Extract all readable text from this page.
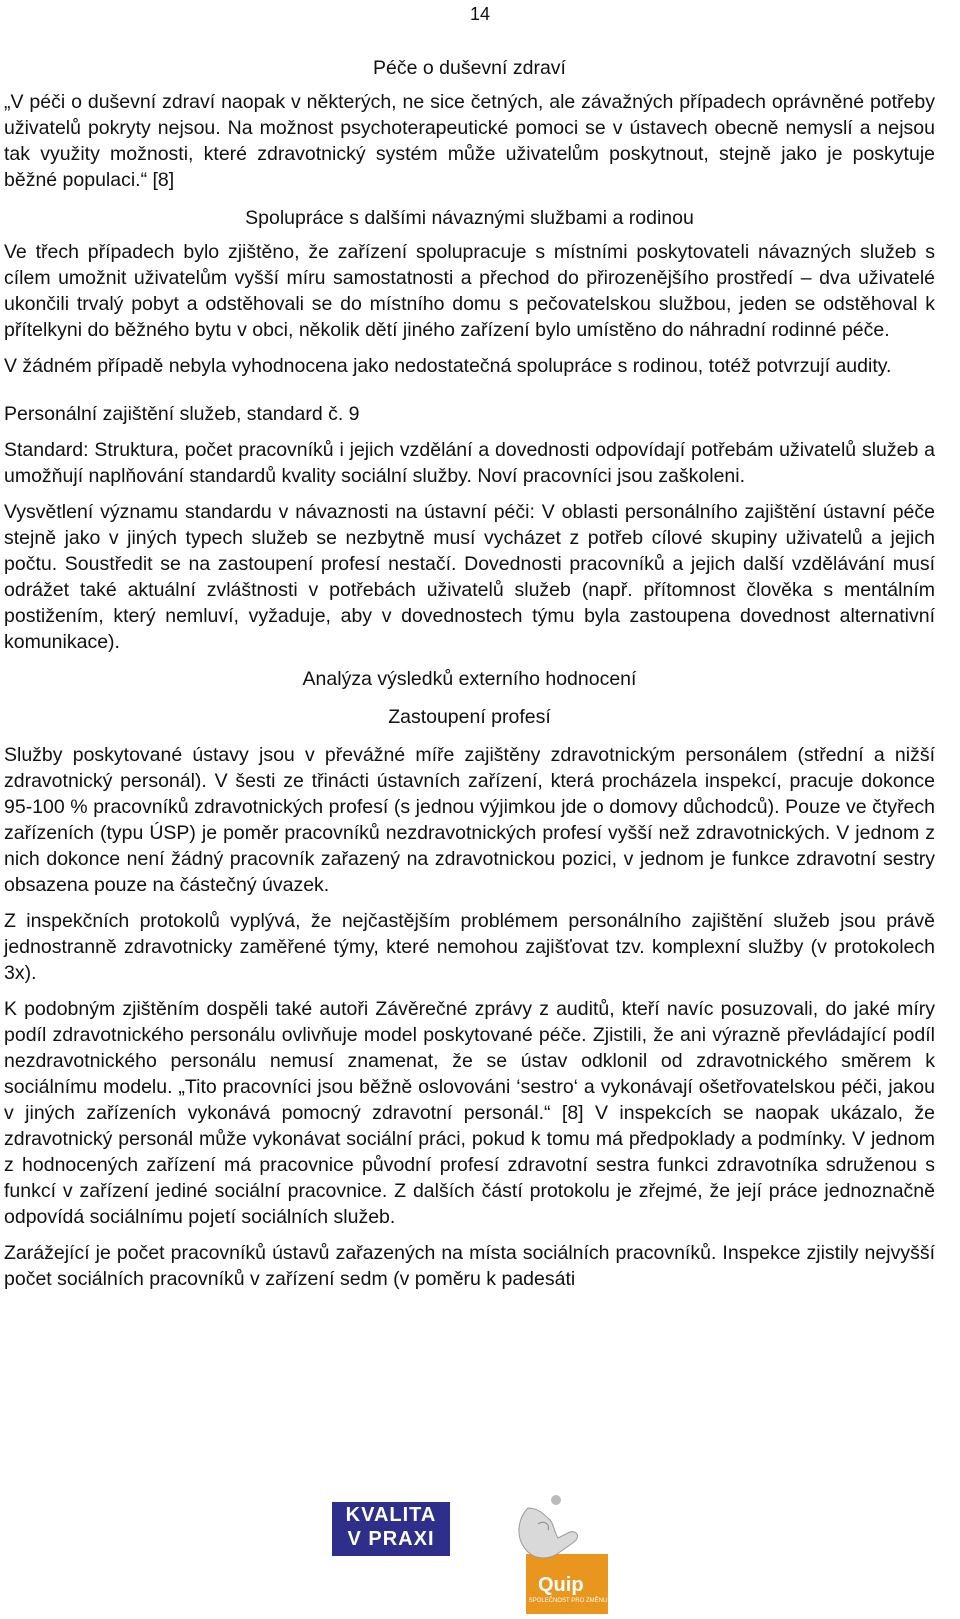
14

Péče o duševní zdraví

„V péči o duševní zdraví naopak v některých, ne sice četných, ale závažných případech oprávněné potřeby uživatelů pokryty nejsou. Na možnost psychoterapeutické pomoci se v ústavech obecně nemyslí a nejsou tak využity možnosti, které zdravotnický systém může uživatelům poskytnout, stejně jako je poskytuje běžné populaci.“ [8]

Spolupráce s dalšími návaznými službami a rodinou

Ve třech případech bylo zjištěno, že zařízení spolupracuje s místními poskytovateli návazných služeb s cílem umožnit uživatelům vyšší míru samostatnosti a přechod do přirozenějšího prostředí – dva uživatelé ukončili trvalý pobyt a odstěhovali se do místního domu s pečovatelskou službou, jeden se odstěhoval k přítelkyni do běžného bytu v obci, několik dětí jiného zařízení bylo umístěno do náhradní rodinné péče.

V žádném případě nebyla vyhodnocena jako nedostatečná spolupráce s rodinou, totéž potvrzují audity.

Personální zajištění služeb, standard č. 9

Standard: Struktura, počet pracovníků i jejich vzdělání a dovednosti odpovídají potřebám uživatelů služeb a umožňují naplňování standardů kvality sociální služby. Noví pracovníci jsou zaškoleni.

Vysvětlení významu standardu v návaznosti na ústavní péči: V oblasti personálního zajištění ústavní péče stejně jako v jiných typech služeb se nezbytně musí vycházet z potřeb cílové skupiny uživatelů a jejich počtu. Soustředit se na zastoupení profesí nestačí. Dovednosti pracovníků a jejich další vzdělávání musí odrážet také aktuální zvláštnosti v potřebách uživatelů služeb (např. přítomnost člověka s mentálním postižením, který nemluví, vyžaduje, aby v dovednostech týmu byla zastoupena dovednost alternativní komunikace).

Analýza výsledků externího hodnocení

Zastoupení profesí

Služby poskytované ústavy jsou v převážné míře zajištěny zdravotnickým personálem (střední a nižší zdravotnický personál). V šesti ze třinácti ústavních zařízení, která procházela inspekcí, pracuje dokonce 95-100 % pracovníků zdravotnických profesí (s jednou výjimkou jde o domovy důchodců). Pouze ve čtyřech zařízeních (typu ÚSP) je poměr pracovníků nezdravotnických profesí vyšší než zdravotnických. V jednom z nich dokonce není žádný pracovník zařazený na zdravotnickou pozici, v jednom je funkce zdravotní sestry obsazena pouze na částečný úvazek.

Z inspekčních protokolů vyplývá, že nejčastějším problémem personálního zajištění služeb jsou právě jednostranně zdravotnicky zaměřené týmy, které nemohou zajišťovat tzv. komplexní služby (v protokolech 3x).

K podobným zjištěním dospěli také autoři Závěrečné zprávy z auditů, kteří navíc posuzovali, do jaké míry podíl zdravotnického personálu ovlivňuje model poskytované péče. Zjistili, že ani výrazně převládající podíl nezdravotnického personálu nemusí znamenat, že se ústav odklonil od zdravotnického směrem k sociálnímu modelu. „Tito pracovníci jsou běžně oslovováni ‘sestro‘ a vykonávají ošetřovatelskou péči, jakou v jiných zařízeních vykonává pomocný zdravotní personál.“ [8] V inspekcích se naopak ukázalo, že zdravotnický personál může vykonávat sociální práci, pokud k tomu má předpoklady a podmínky. V jednom z hodnocených zařízení má pracovnice původní profesí zdravotní sestra funkci zdravotníka sdruženou s funkcí v zařízení jediné sociální pracovnice. Z dalších částí protokolu je zřejmé, že její práce jednoznačně odpovídá sociálnímu pojetí sociálních služeb.

Zarážející je počet pracovníků ústavů zařazených na místa sociálních pracovníků. Inspekce zjistily nejvyšší počet sociálních pracovníků v zařízení sedm (v poměru k padesáti

KVALITA
V PRAXI
Quip
SPOLEČNOST PRO ZMĚNU
